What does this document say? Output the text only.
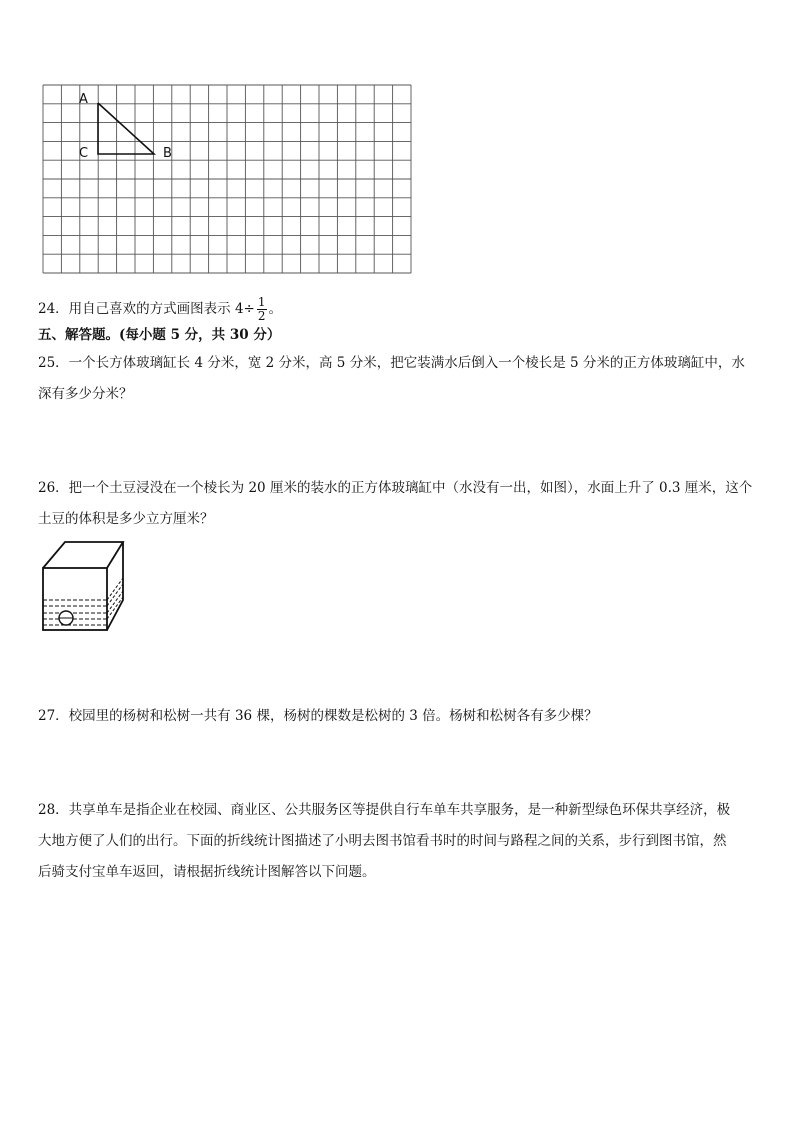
A
C	B
24．用自己喜欢的方式画图表示 $4\div \frac{1}{2}$ 。
五、解答题。(每小题 5 分，共 30 分）
25．一个长方体玻璃缸长 4 分米，宽 2 分米，高 5 分米，把它装满水后倒入一个棱长是 5 分米的正方体玻璃缸中，水
深有多少分米？
26．把一个土豆浸没在一个棱长为 20 厘米的装水的正方体玻璃缸中（水没有一出，如图），水面上升了 0.3 厘米，这个
土豆的体积是多少立方厘米？
27．校园里的杨树和松树一共有 36 棵，杨树的棵数是松树的 3 倍。杨树和松树各有多少棵？
28．共享单车是指企业在校园、商业区、公共服务区等提供自行车单车共享服务，是一种新型绿色环保共享经济，极
大地方便了人们的出行。下面的折线统计图描述了小明去图书馆看书时的时间与路程之间的关系，步行到图书馆，然
后骑支付宝单车返回，请根据折线统计图解答以下问题。
